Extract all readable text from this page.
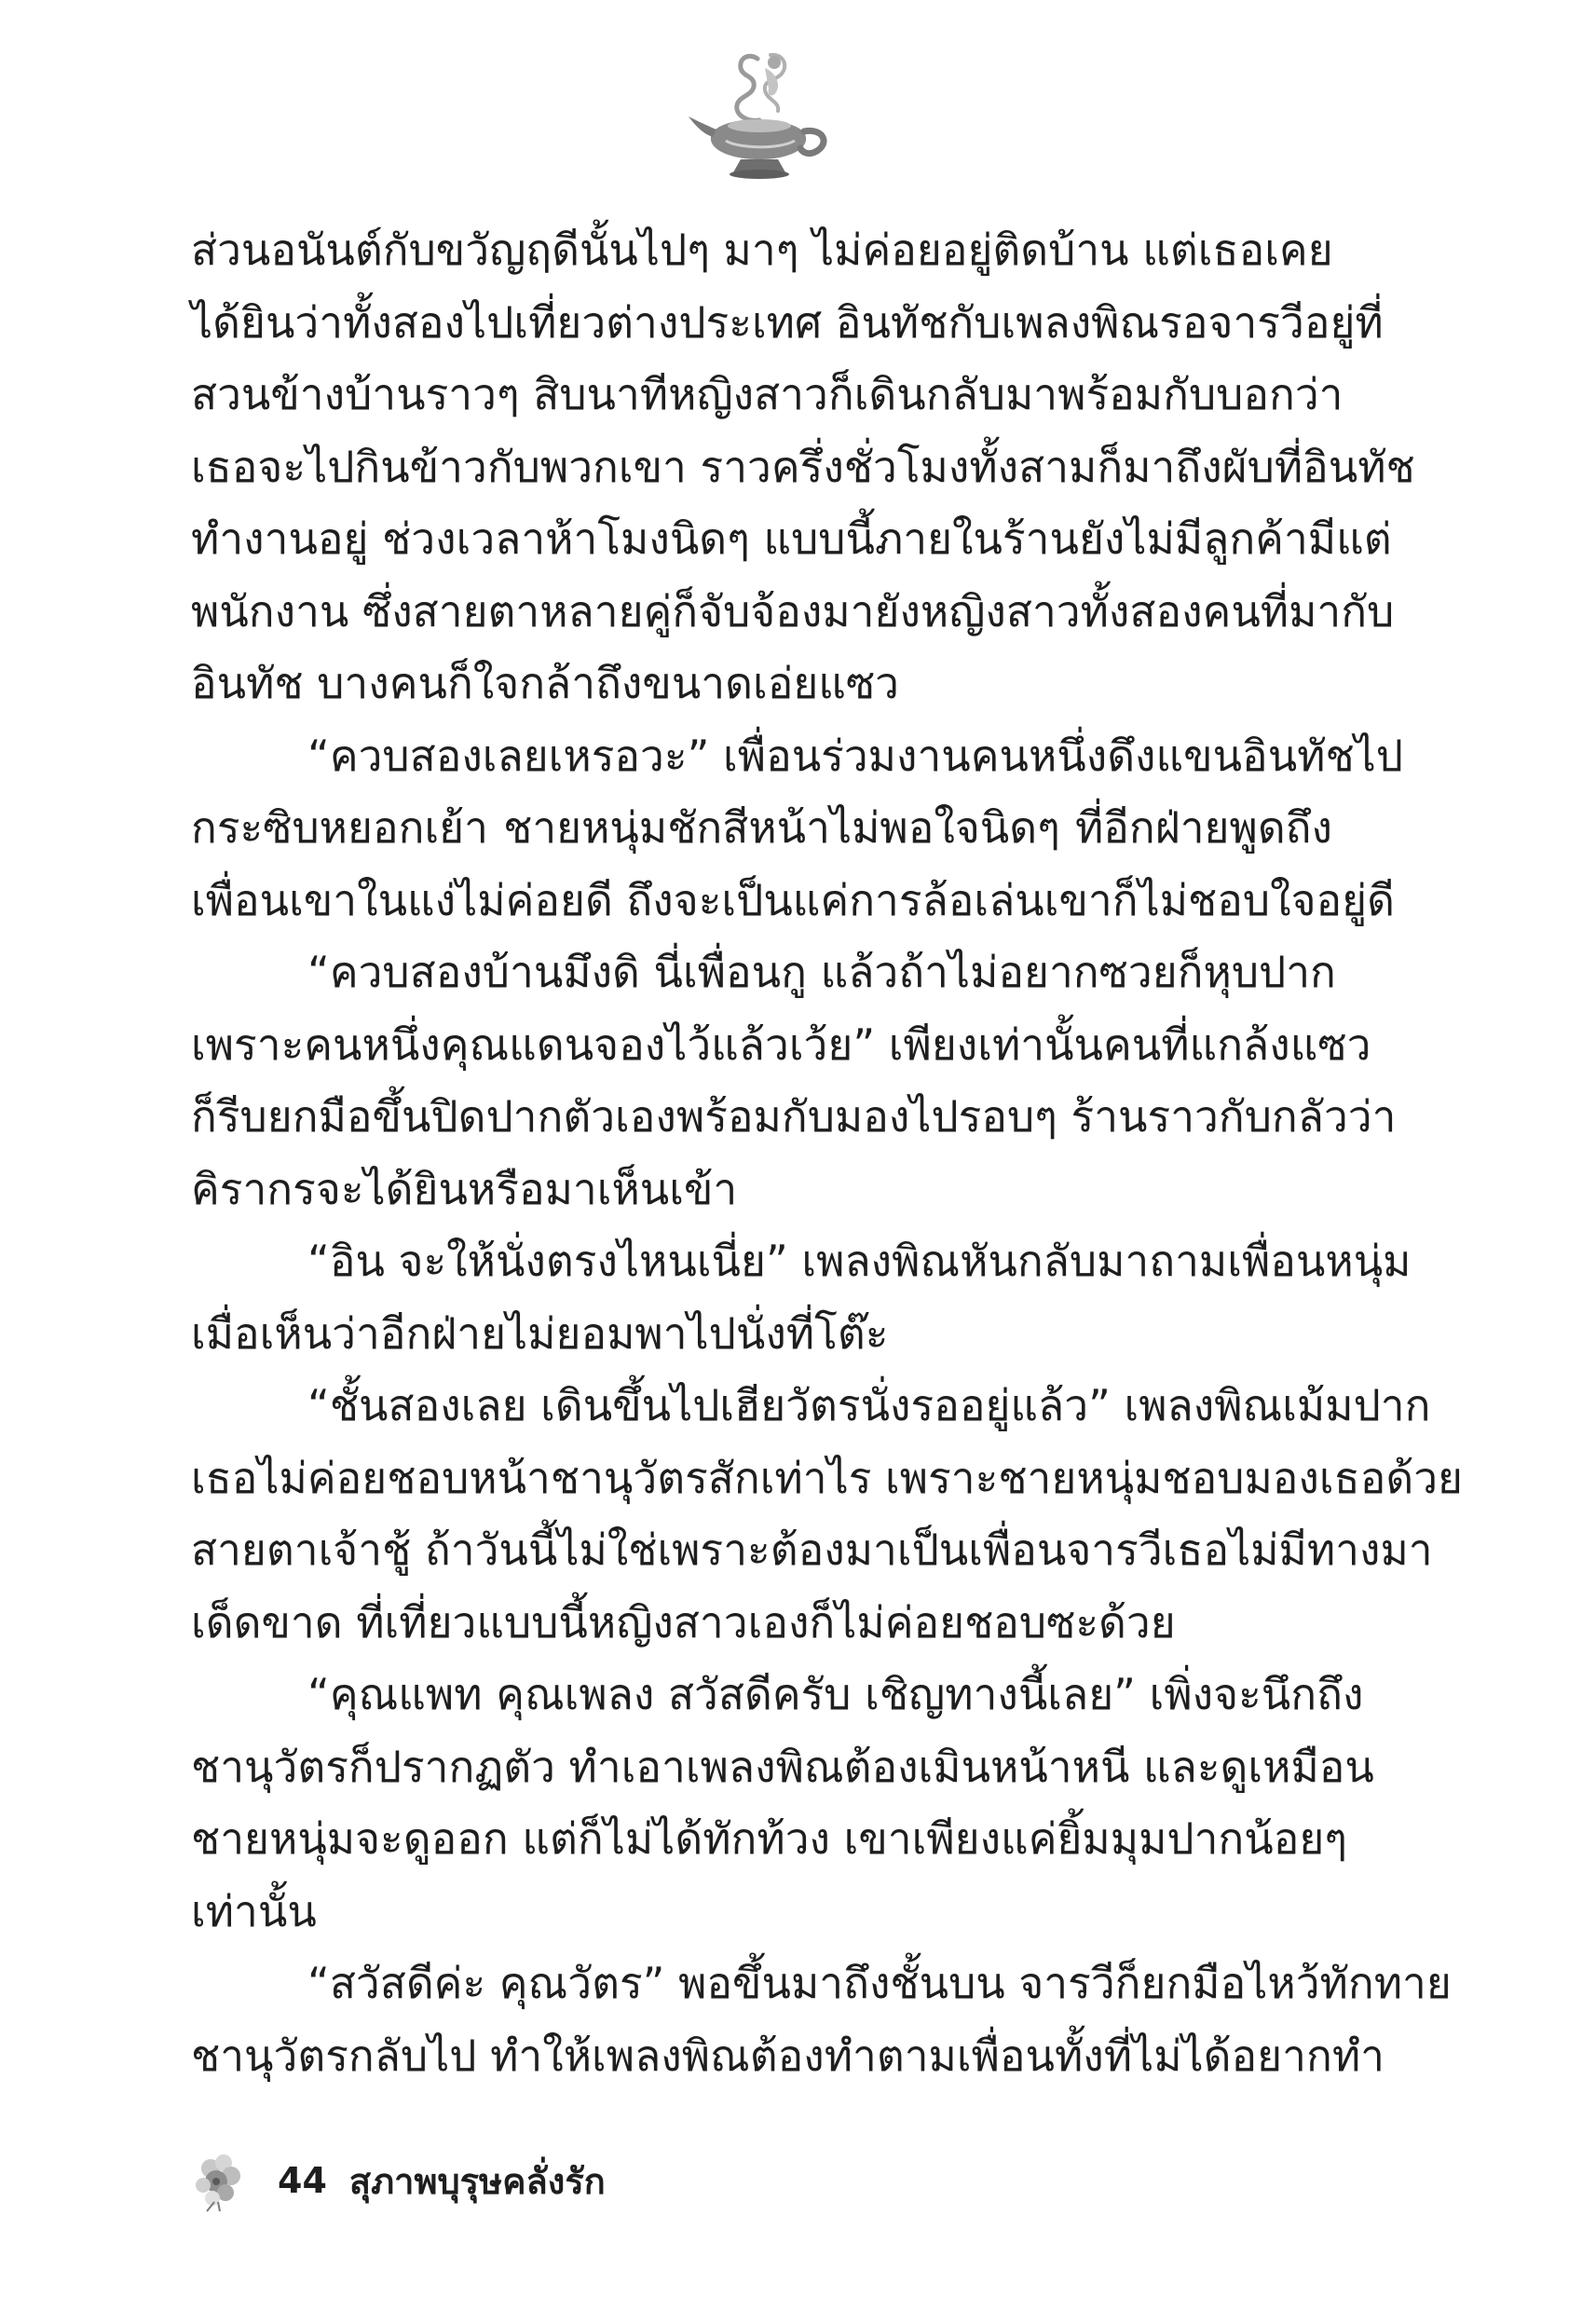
ส่วนอนันต์กับขวัญฤดีนั้นไปๆ มาๆ ไม่ค่อยอยู่ติดบ้าน แต่เธอเคย
ได้ยินว่าทั้งสองไปเที่ยวต่างประเทศ อินทัชกับเพลงพิณรอจารวีอยู่ที่
สวนข้างบ้านราวๆ สิบนาทีหญิงสาวก็เดินกลับมาพร้อมกับบอกว่า
เธอจะไปกินข้าวกับพวกเขา ราวครึ่งชั่วโมงทั้งสามก็มาถึงผับที่อินทัช
ทำงานอยู่ ช่วงเวลาห้าโมงนิดๆ แบบนี้ภายในร้านยังไม่มีลูกค้ามีแต่
พนักงาน ซึ่งสายตาหลายคู่ก็จับจ้องมายังหญิงสาวทั้งสองคนที่มากับ
อินทัช บางคนก็ใจกล้าถึงขนาดเอ่ยแซว
“ควบสองเลยเหรอวะ” เพื่อนร่วมงานคนหนึ่งดึงแขนอินทัชไป
กระซิบหยอกเย้า ชายหนุ่มชักสีหน้าไม่พอใจนิดๆ ที่อีกฝ่ายพูดถึง
เพื่อนเขาในแง่ไม่ค่อยดี ถึงจะเป็นแค่การล้อเล่นเขาก็ไม่ชอบใจอยู่ดี
“ควบสองบ้านมึงดิ นี่เพื่อนกู แล้วถ้าไม่อยากซวยก็หุบปาก
เพราะคนหนึ่งคุณแดนจองไว้แล้วเว้ย” เพียงเท่านั้นคนที่แกล้งแซว
ก็รีบยกมือขึ้นปิดปากตัวเองพร้อมกับมองไปรอบๆ ร้านราวกับกลัวว่า
คิรากรจะได้ยินหรือมาเห็นเข้า
“อิน จะให้นั่งตรงไหนเนี่ย” เพลงพิณหันกลับมาถามเพื่อนหนุ่ม
เมื่อเห็นว่าอีกฝ่ายไม่ยอมพาไปนั่งที่โต๊ะ
“ชั้นสองเลย เดินขึ้นไปเฮียวัตรนั่งรออยู่แล้ว” เพลงพิณเม้มปาก
เธอไม่ค่อยชอบหน้าชานุวัตรสักเท่าไร เพราะชายหนุ่มชอบมองเธอด้วย
สายตาเจ้าชู้ ถ้าวันนี้ไม่ใช่เพราะต้องมาเป็นเพื่อนจารวีเธอไม่มีทางมา
เด็ดขาด ที่เที่ยวแบบนี้หญิงสาวเองก็ไม่ค่อยชอบซะด้วย
“คุณแพท คุณเพลง สวัสดีครับ เชิญทางนี้เลย” เพิ่งจะนึกถึง
ชานุวัตรก็ปรากฏตัว ทำเอาเพลงพิณต้องเมินหน้าหนี และดูเหมือน
ชายหนุ่มจะดูออก แต่ก็ไม่ได้ทักท้วง เขาเพียงแค่ยิ้มมุมปากน้อยๆ
เท่านั้น
“สวัสดีค่ะ คุณวัตร” พอขึ้นมาถึงชั้นบน จารวีก็ยกมือไหว้ทักทาย
ชานุวัตรกลับไป ทำให้เพลงพิณต้องทำตามเพื่อนทั้งที่ไม่ได้อยากทำ
44 สุภาพบุรุษคลั่งรัก
